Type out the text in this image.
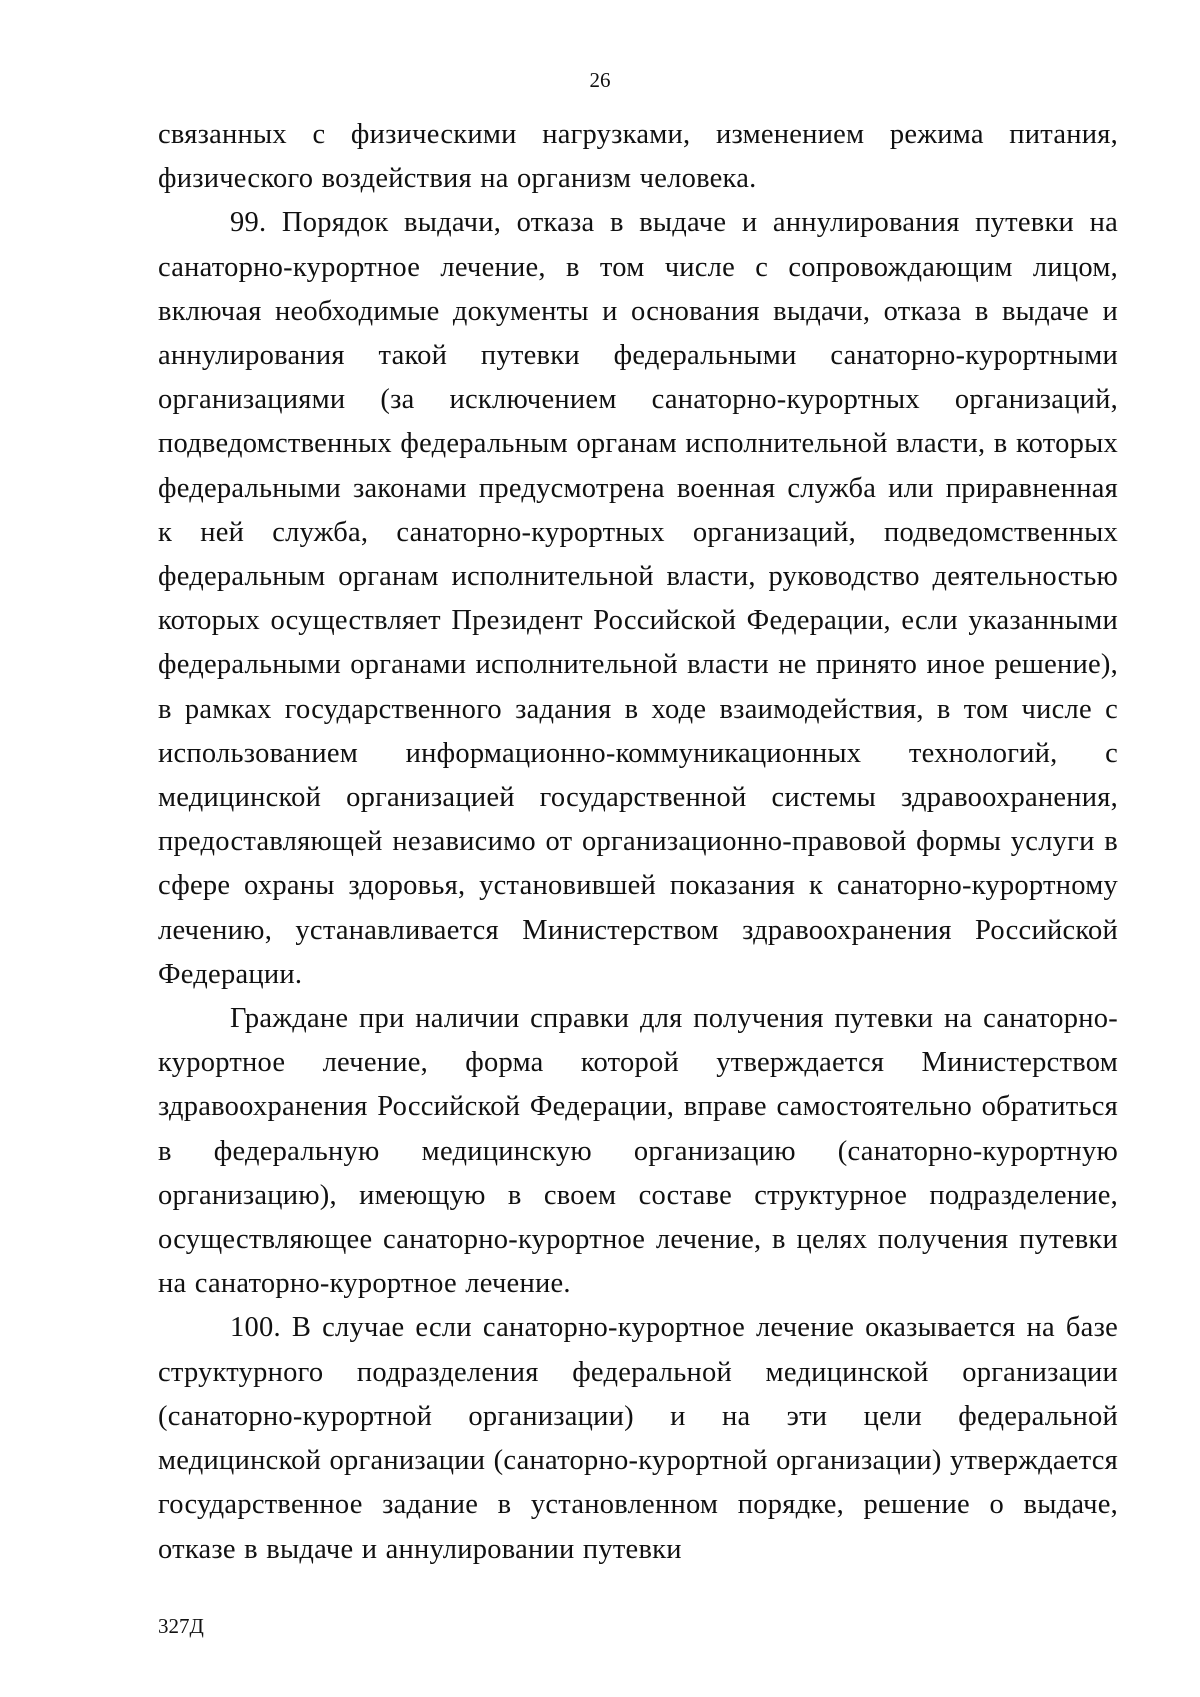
26

связанных с физическими нагрузками, изменением режима питания, физического воздействия на организм человека.

99. Порядок выдачи, отказа в выдаче и аннулирования путевки на санаторно-курортное лечение, в том числе с сопровождающим лицом, включая необходимые документы и основания выдачи, отказа в выдаче и аннулирования такой путевки федеральными санаторно-курортными организациями (за исключением санаторно-курортных организаций, подведомственных федеральным органам исполнительной власти, в которых федеральными законами предусмотрена военная служба или приравненная к ней служба, санаторно-курортных организаций, подведомственных федеральным органам исполнительной власти, руководство деятельностью которых осуществляет Президент Российской Федерации, если указанными федеральными органами исполнительной власти не принято иное решение), в рамках государственного задания в ходе взаимодействия, в том числе с использованием информационно-коммуникационных технологий, с медицинской организацией государственной системы здравоохранения, предоставляющей независимо от организационно-правовой формы услуги в сфере охраны здоровья, установившей показания к санаторно-курортному лечению, устанавливается Министерством здравоохранения Российской Федерации.

Граждане при наличии справки для получения путевки на санаторно-курортное лечение, форма которой утверждается Министерством здравоохранения Российской Федерации, вправе самостоятельно обратиться в федеральную медицинскую организацию (санаторно-курортную организацию), имеющую в своем составе структурное подразделение, осуществляющее санаторно-курортное лечение, в целях получения путевки на санаторно-курортное лечение.

100. В случае если санаторно-курортное лечение оказывается на базе структурного подразделения федеральной медицинской организации (санаторно-курортной организации) и на эти цели федеральной медицинской организации (санаторно-курортной организации) утверждается государственное задание в установленном порядке, решение о выдаче, отказе в выдаче и аннулировании путевки

327Д
